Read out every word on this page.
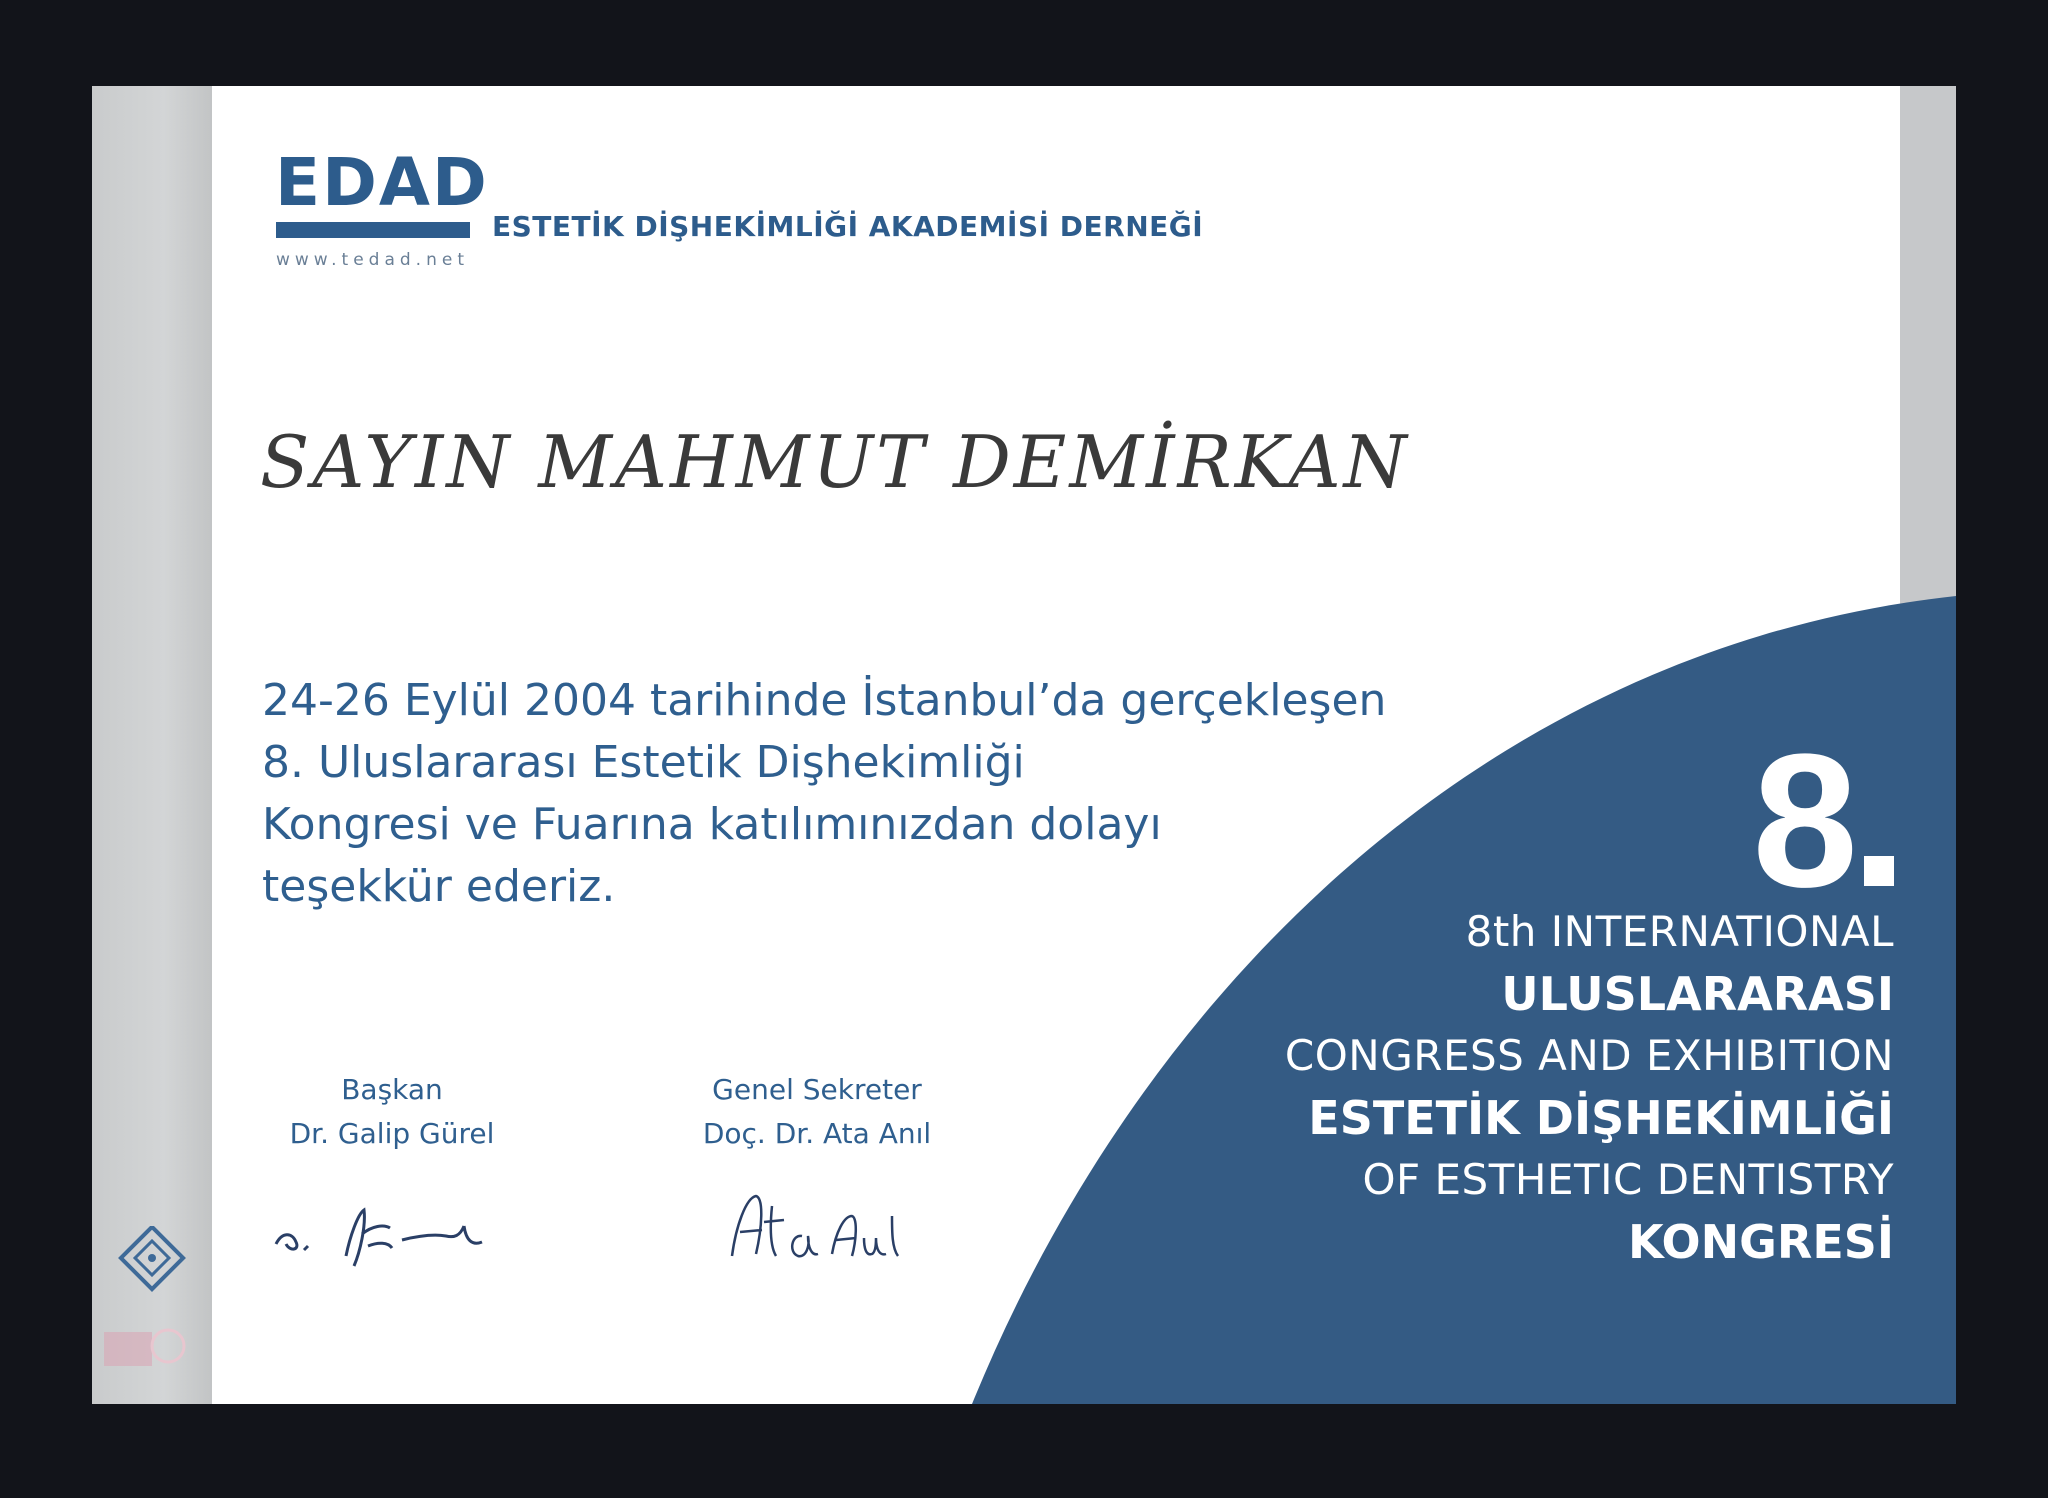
EDAD
www.tedad.net
ESTETİK DİŞHEKİMLİĞİ AKADEMİSİ DERNEĞİ
SAYIN MAHMUT DEMİRKAN
24-26 Eylül 2004 tarihinde İstanbul’da gerçekleşen
8. Uluslararası Estetik Dişhekimliği
Kongresi ve Fuarına katılımınızdan dolayı
teşekkür ederiz.
Başkan
Dr. Galip Gürel
Genel Sekreter
Doç. Dr. Ata Anıl
8
8th INTERNATIONAL
ULUSLARARASI
CONGRESS AND EXHIBITION
ESTETİK DİŞHEKİMLİĞİ
OF ESTHETIC DENTISTRY
KONGRESİ
